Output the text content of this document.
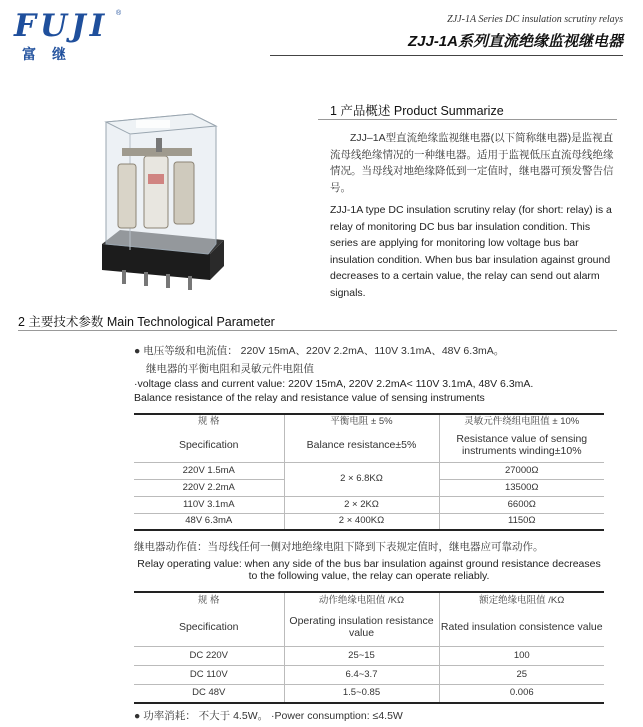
FUJI ®
富继
ZJJ-1A Series DC insulation scrutiny relays
ZJJ-1A系列直流绝缘监视继电器
1 产品概述 Product Summarize
ZJJ–1A型直流绝缘监视继电器(以下简称继电器)是监视直流母线绝缘情况的一种继电器。适用于监视低压直流母线绝缘情况。当母线对地绝缘降低到一定值时，继电器可预发警告信号。
ZJJ-1A type DC insulation scrutiny relay (for short: relay) is a relay of monitoring DC bus bar insulation condition. This series are applying for monitoring low voltage bus bar insulation condition. When bus bar insulation against ground decreases to a certain value, the relay can send out alarm signals.
2 主要技术参数 Main Technological Parameter
● 电压等级和电流值： 220V 15mA、220V 2.2mA、110V 3.1mA、48V 6.3mA。
继电器的平衡电阻和灵敏元件电阻值
·voltage class and current value: 220V 15mA, 220V 2.2mA< 110V 3.1mA, 48V 6.3mA.
Balance resistance of the relay and resistance value of sensing instruments
规 格	平衡电阻 ± 5%	灵敏元件绕组电阻值 ± 10%
Specification	Balance resistance±5%	Resistance value of sensing instruments winding±10%
220V 1.5mA	2 × 6.8KΩ	27000Ω
220V 2.2mA		13500Ω
110V 3.1mA	2 × 2KΩ	6600Ω
48V 6.3mA	2 × 400KΩ	1150Ω
继电器动作值：当母线任何一侧对地绝缘电阻下降到下表规定值时，继电器应可靠动作。
Relay operating value: when any side of the bus bar insulation against ground resistance decreases to the following value, the relay can operate reliably.
规 格	动作绝缘电阻值 /KΩ	额定绝缘电阻值 /KΩ
Specification	Operating insulation resistance value	Rated insulation consistence value
DC 220V	25~15	100
DC 110V	6.4~3.7	25
DC 48V	1.5~0.85	0.006
● 功率消耗： 不大于 4.5W。 ·Power consumption: ≤4.5W
